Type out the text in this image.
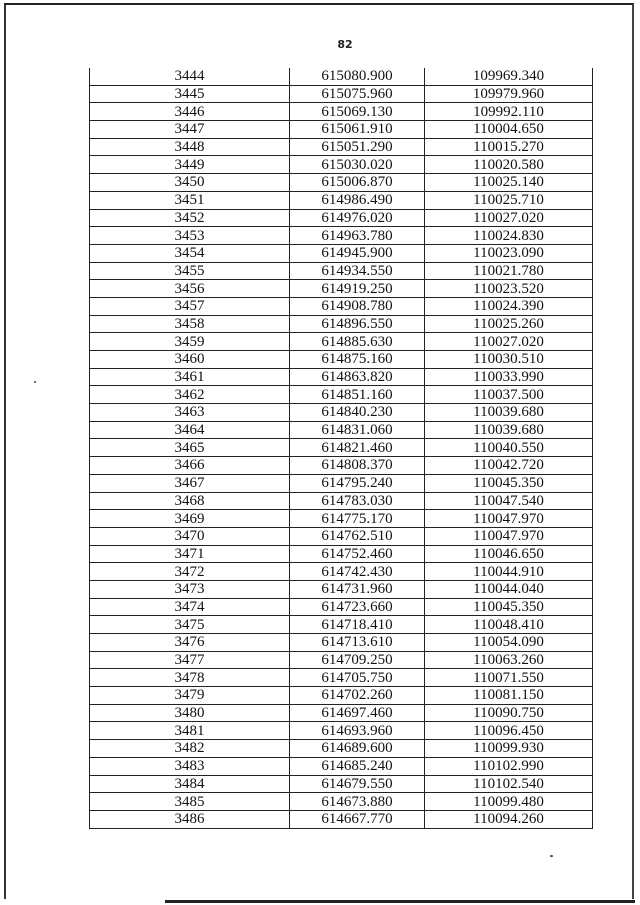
82
3444	615080.900	109969.340
3445	615075.960	109979.960
3446	615069.130	109992.110
3447	615061.910	110004.650
3448	615051.290	110015.270
3449	615030.020	110020.580
3450	615006.870	110025.140
3451	614986.490	110025.710
3452	614976.020	110027.020
3453	614963.780	110024.830
3454	614945.900	110023.090
3455	614934.550	110021.780
3456	614919.250	110023.520
3457	614908.780	110024.390
3458	614896.550	110025.260
3459	614885.630	110027.020
3460	614875.160	110030.510
3461	614863.820	110033.990
3462	614851.160	110037.500
3463	614840.230	110039.680
3464	614831.060	110039.680
3465	614821.460	110040.550
3466	614808.370	110042.720
3467	614795.240	110045.350
3468	614783.030	110047.540
3469	614775.170	110047.970
3470	614762.510	110047.970
3471	614752.460	110046.650
3472	614742.430	110044.910
3473	614731.960	110044.040
3474	614723.660	110045.350
3475	614718.410	110048.410
3476	614713.610	110054.090
3477	614709.250	110063.260
3478	614705.750	110071.550
3479	614702.260	110081.150
3480	614697.460	110090.750
3481	614693.960	110096.450
3482	614689.600	110099.930
3483	614685.240	110102.990
3484	614679.550	110102.540
3485	614673.880	110099.480
3486	614667.770	110094.260
